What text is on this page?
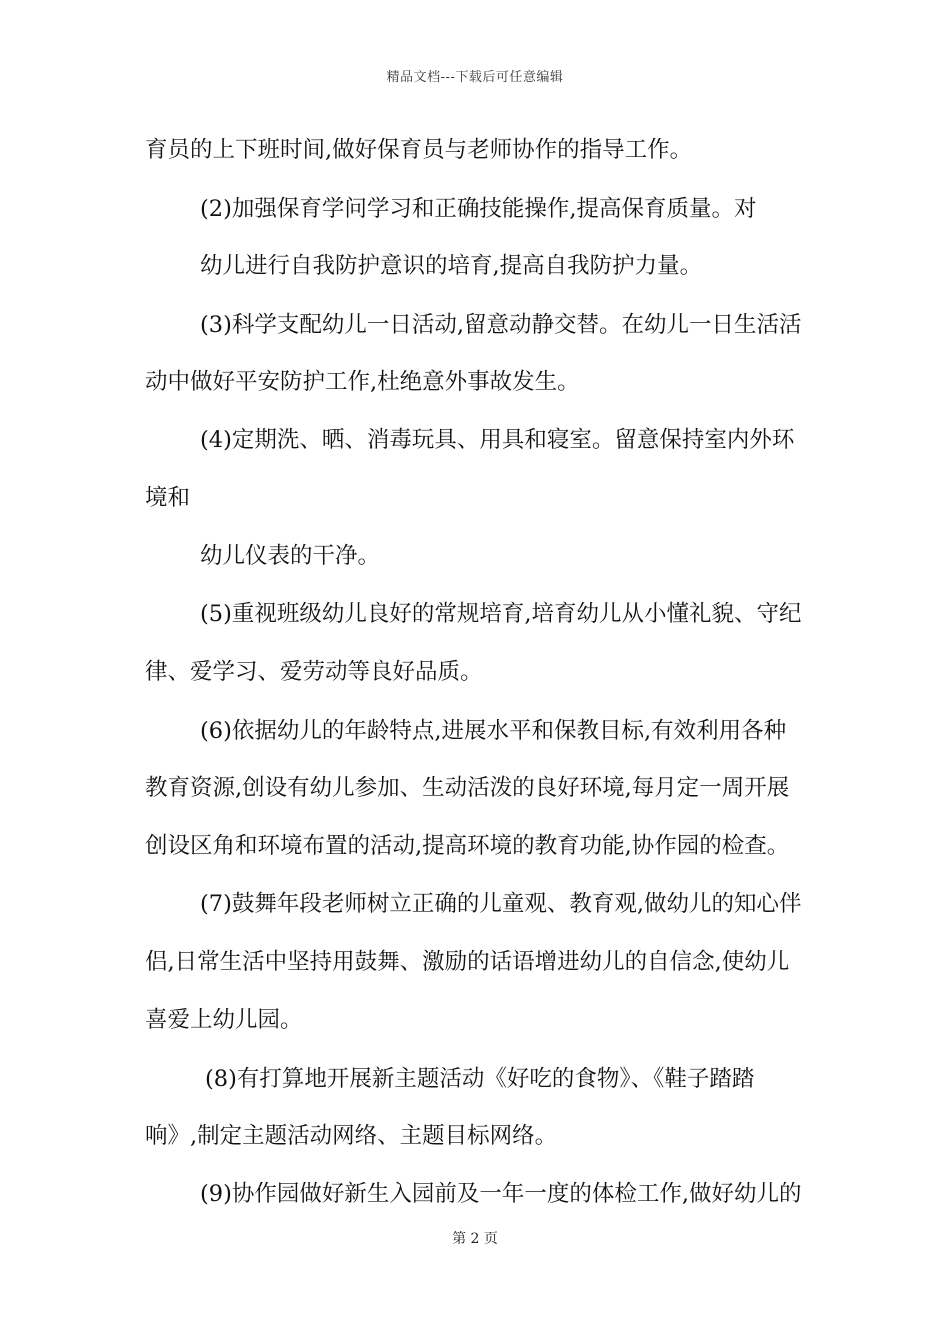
精品文档---下载后可任意编辑
育员的上下班时间,做好保育员与老师协作的指导工作。
(2)加强保育学问学习和正确技能操作,提高保育质量。对
幼儿进行自我防护意识的培育,提高自我防护力量。
(3)科学支配幼儿一日活动,留意动静交替。在幼儿一日生活活
动中做好平安防护工作,杜绝意外事故发生。
(4)定期洗、晒、消毒玩具、用具和寝室。留意保持室内外环
境和
幼儿仪表的干净。
(5)重视班级幼儿良好的常规培育,培育幼儿从小懂礼貌、守纪
律、爱学习、爱劳动等良好品质。
(6)依据幼儿的年龄特点,进展水平和保教目标,有效利用各种
教育资源,创设有幼儿参加、生动活泼的良好环境,每月定一周开展
创设区角和环境布置的活动,提高环境的教育功能,协作园的检查。
(7)鼓舞年段老师树立正确的儿童观、教育观,做幼儿的知心伴
侣,日常生活中坚持用鼓舞、激励的话语增进幼儿的自信念,使幼儿
喜爱上幼儿园。
(8)有打算地开展新主题活动《好吃的食物》、《鞋子踏踏
响》,制定主题活动网络、主题目标网络。
(9)协作园做好新生入园前及一年一度的体检工作,做好幼儿的
第 2 页
